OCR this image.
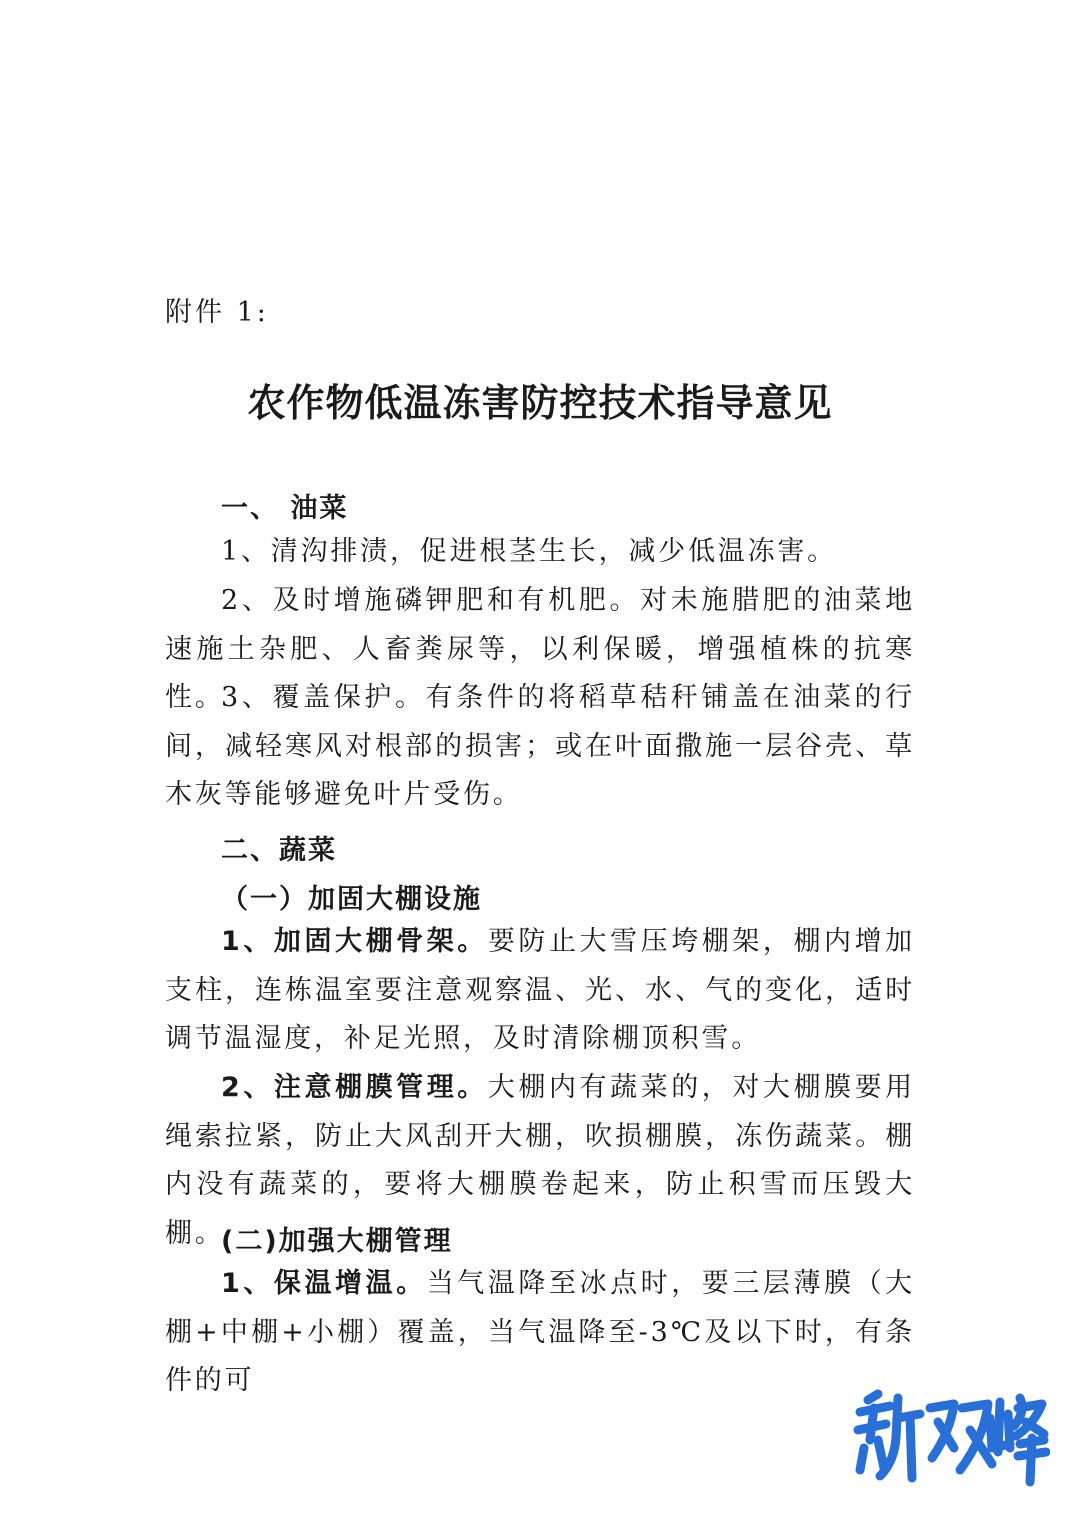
附件 1:
农作物低温冻害防控技术指导意见

一、 油菜

1、清沟排渍，促进根茎生长，减少低温冻害。

2、及时增施磷钾肥和有机肥。对未施腊肥的油菜地速施土杂肥、人畜粪尿等，以利保暖，增强植株的抗寒性。

3、覆盖保护。有条件的将稻草秸秆铺盖在油菜的行间，减轻寒风对根部的损害；或在叶面撒施一层谷壳、草木灰等能够避免叶片受伤。

二、蔬菜

（一）加固大棚设施

1、加固大棚骨架。要防止大雪压垮棚架，棚内增加支柱，连栋温室要注意观察温、光、水、气的变化，适时调节温湿度，补足光照，及时清除棚顶积雪。

2、注意棚膜管理。大棚内有蔬菜的，对大棚膜要用绳索拉紧，防止大风刮开大棚，吹损棚膜，冻伤蔬菜。棚内没有蔬菜的，要将大棚膜卷起来，防止积雪而压毁大棚。

(二)加强大棚管理

1、保温增温。当气温降至冰点时，要三层薄膜（大棚+中棚+小棚）覆盖，当气温降至-3℃及以下时，有条件的可
